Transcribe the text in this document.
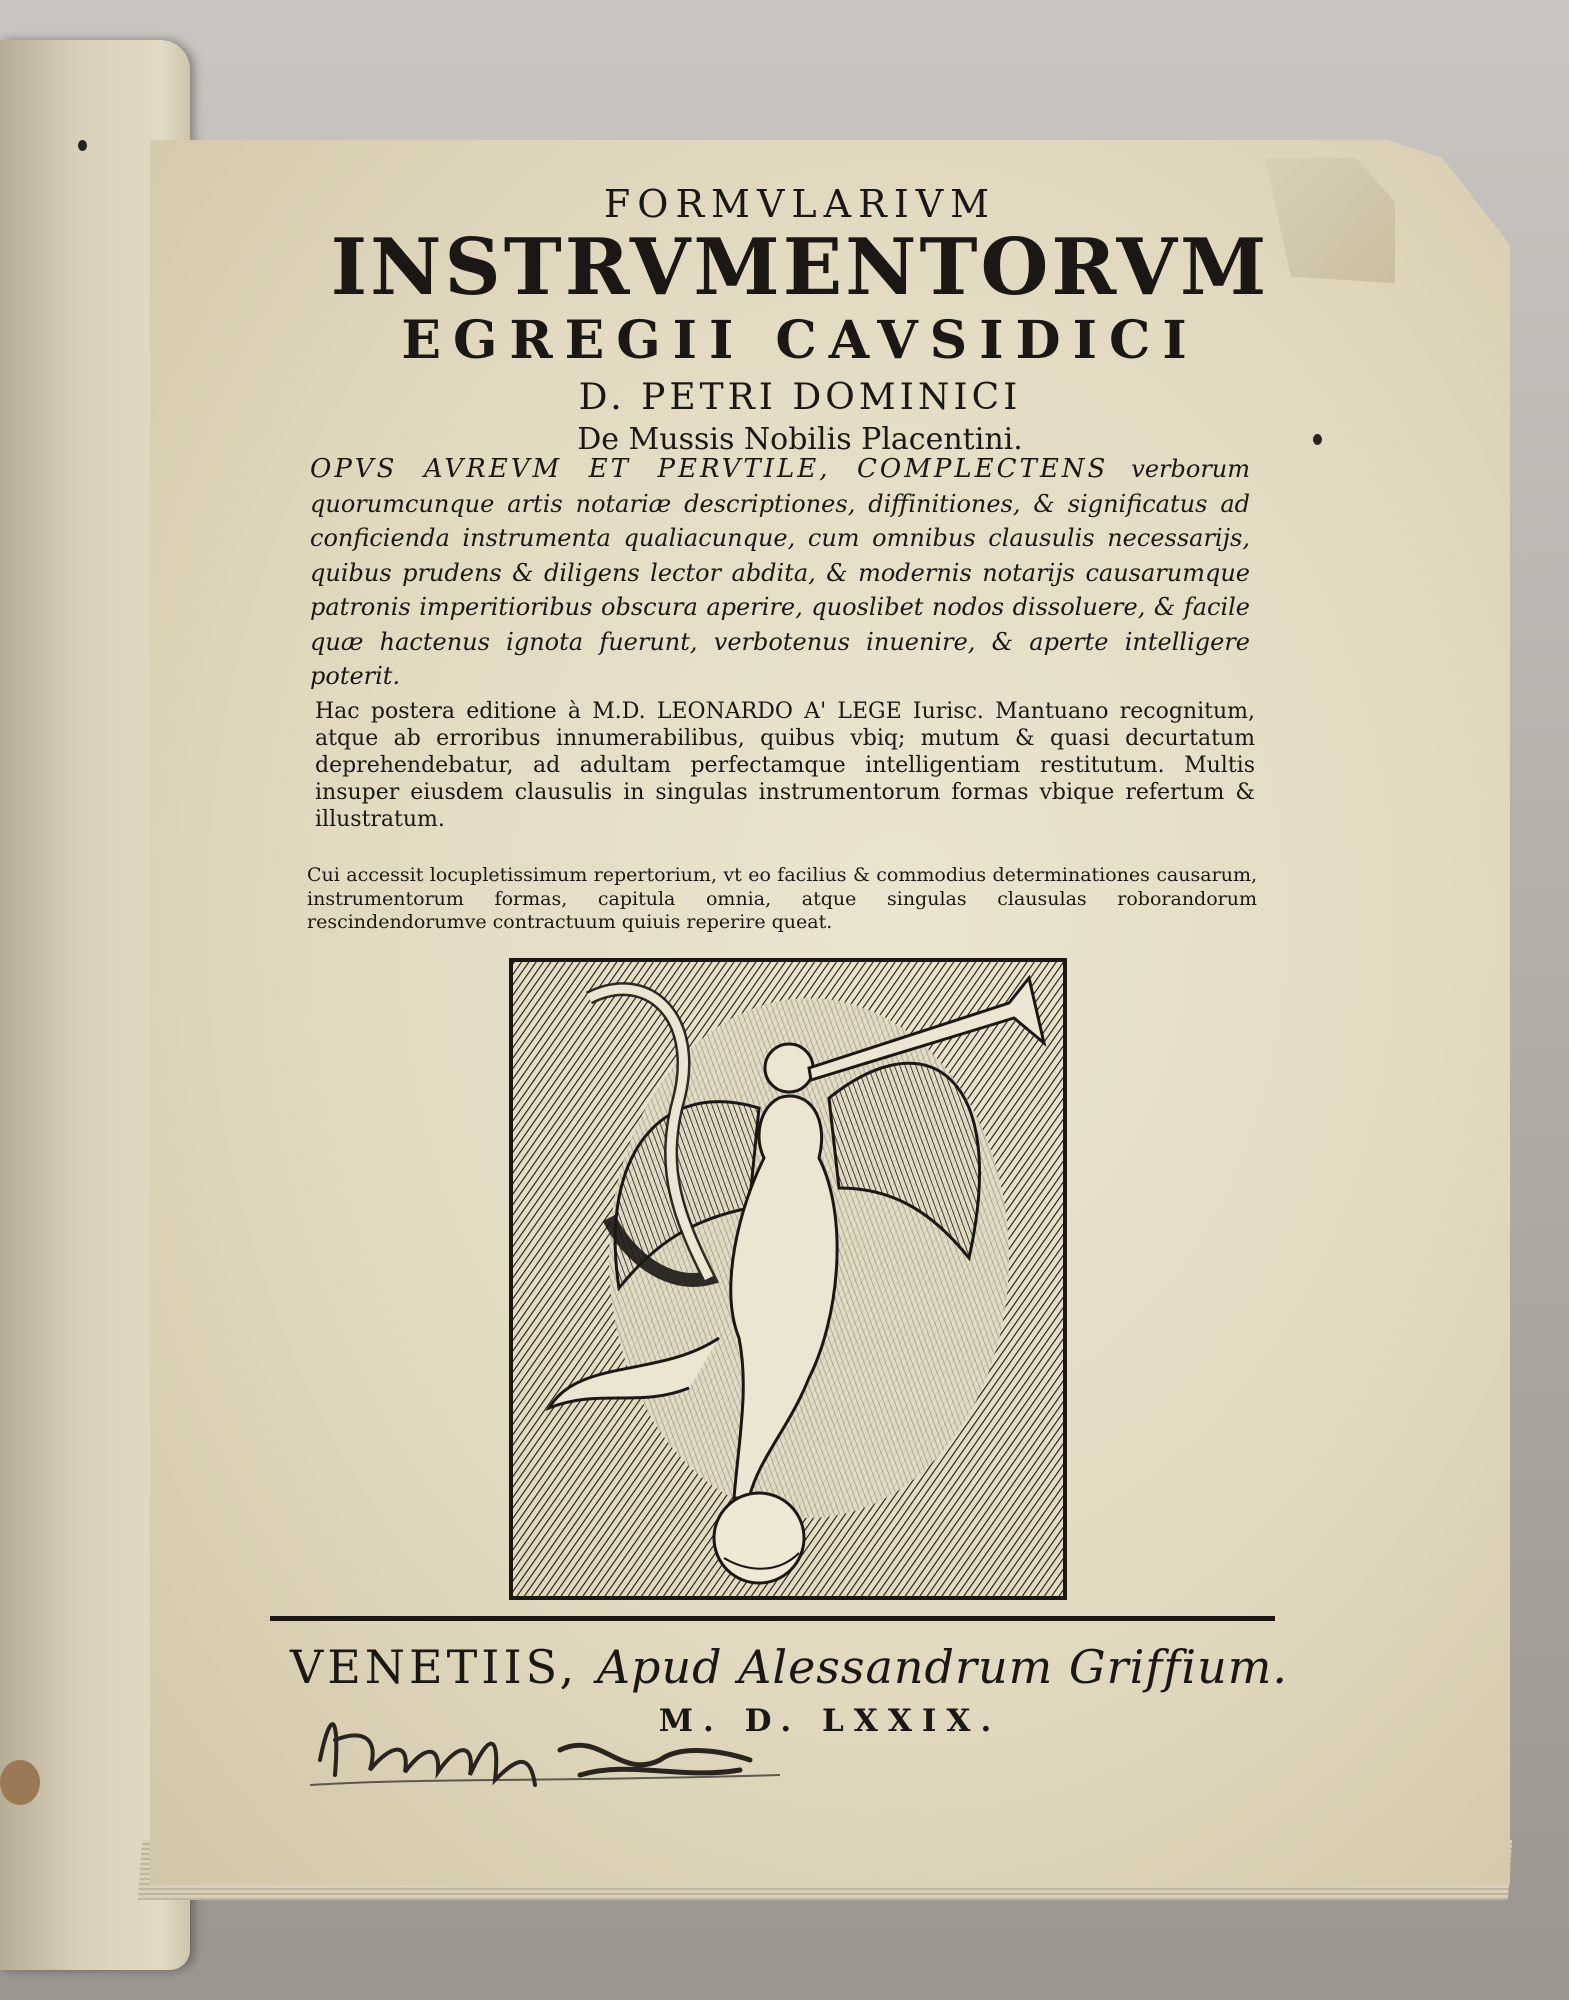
FORMVLARIVM
INSTRVMENTORVM
EGREGII CAVSIDICI
D. PETRI DOMINICI
De Mussis Nobilis Placentini.
OPVS AVREVM ET PERVTILE, COMPLECTENS verborum quorumcunque artis notariæ descriptiones, diffinitiones, & significatus ad conficienda instrumenta qualiacunque, cum omnibus clausulis necessarijs, quibus prudens & diligens lector abdita, & modernis notarijs causarumque patronis imperitioribus obscura aperire, quoslibet nodos dissoluere, & facile quæ hactenus ignota fuerunt, verbotenus inuenire, & aperte intelligere poterit.
Hac postera editione à M.D. LEONARDO A' LEGE Iurisc. Mantuano recognitum, atque ab erroribus innumerabilibus, quibus vbiq; mutum & quasi decurtatum deprehendebatur, ad adultam perfectamque intelligentiam restitutum. Multis insuper eiusdem clausulis in singulas instrumentorum formas vbique refertum & illustratum.
Cui accessit locupletissimum repertorium, vt eo facilius & commodius determinationes causarum, instrumentorum formas, capitula omnia, atque singulas clausulas roborandorum rescindendorumve contractuum quiuis reperire queat.
VENETIIS, Apud Alessandrum Griffium.
M. D. LXXIX.
